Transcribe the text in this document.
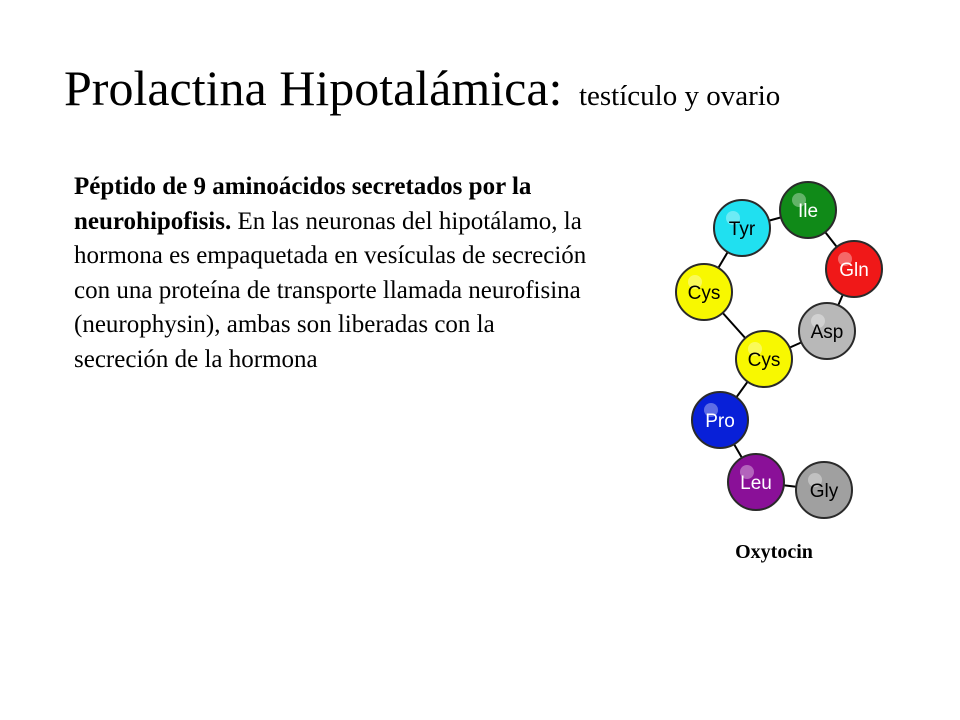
Prolactina Hipotalámica: testículo y ovario
Péptido de 9 aminoácidos secretados por la neurohipofisis. En las neuronas del hipotálamo, la hormona es empaquetada en vesículas de secreción con una proteína de transporte llamada neurofisina (neurophysin), ambas son liberadas con la secreción de la hormona
Tyr
Ile
Gln
Cys
Asp
Cys
Pro
Leu Gly
Oxytocin
